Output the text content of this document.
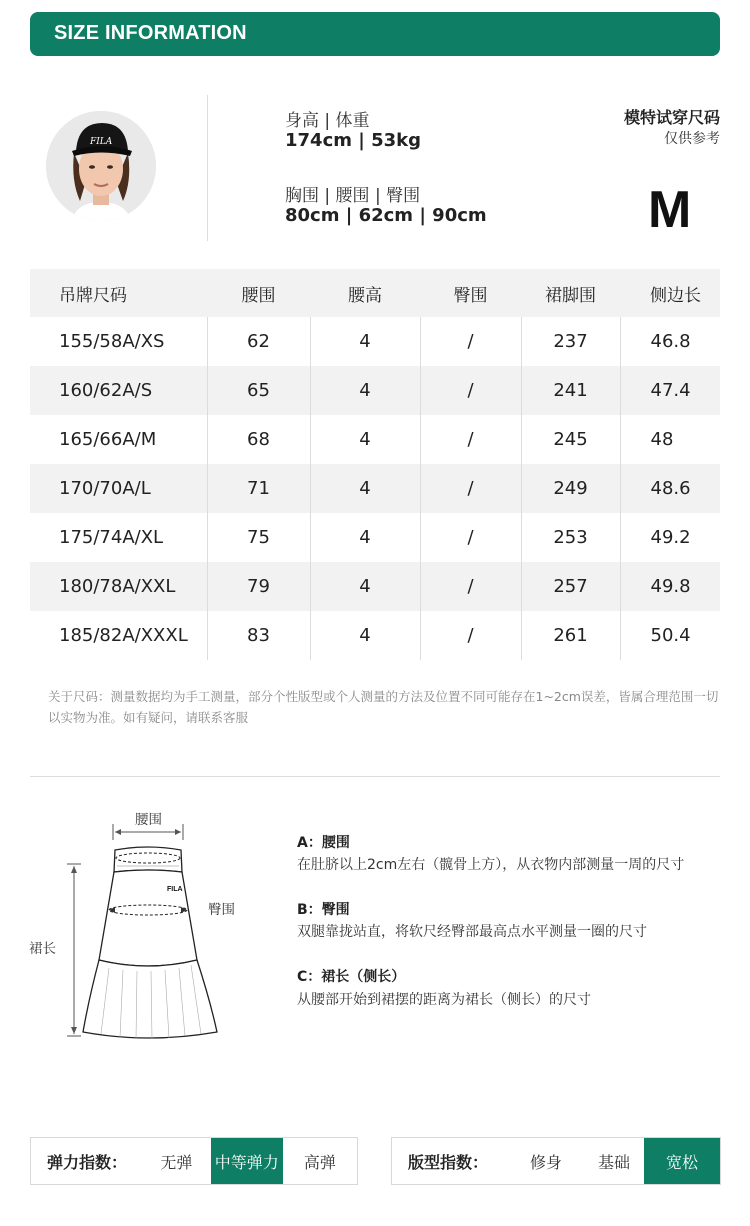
SIZE INFORMATION
FILA
身高 | 体重
174cm | 53kg
胸围 | 腰围 | 臀围
80cm | 62cm | 90cm
模特试穿尺码
仅供参考
M
吊牌尺码	腰围	腰高	臀围	裙脚围	侧边长
155/58A/XS	62	4	/	237	46.8
160/62A/S	65	4	/	241	47.4
165/66A/M	68	4	/	245	48
170/70A/L	71	4	/	249	48.6
175/74A/XL	75	4	/	253	49.2
180/78A/XXL	79	4	/	257	49.8
185/82A/XXXL	83	4	/	261	50.4
关于尺码：测量数据均为手工测量，部分个性版型或个人测量的方法及位置不同可能存在1~2cm误差，皆属合理范围一切以实物为准。如有疑问，请联系客服
FILA
腰围
臀围
裙长
A：腰围
在肚脐以上2cm左右（髋骨上方），从衣物内部测量一周的尺寸
B：臀围
双腿靠拢站直，将软尺经臀部最高点水平测量一圈的尺寸
C：裙长（侧长）
从腰部开始到裙摆的距离为裙长（侧长）的尺寸
弹力指数：	无弹	中等弹力	高弹	版型指数：	修身	基础	宽松
